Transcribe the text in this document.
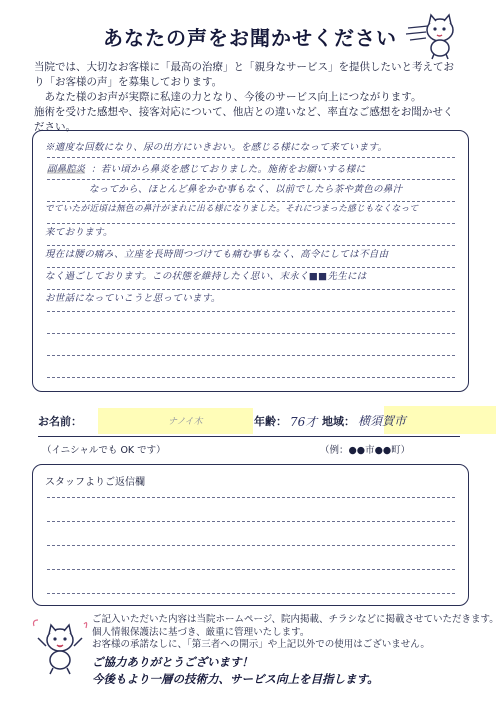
あなたの声をお聞かせください

当院では、大切なお客様に「最高の治療」と「親身なサービス」を提供したいと考えてお

り「お客様の声」を募集しております。

　あなた様のお声が実際に私達の力となり、今後のサービス向上につながります。

施術を受けた感想や、接客対応について、他店との違いなど、率直なご感想をお聞かせく

ださい。

※適度な回数になり、尿の出方にいきおい。を感じる様になって来ています。
副鼻腔炎 ：若い頃から鼻炎を感じておりました。施術をお願いする様に
なってから、ほとんど鼻をかむ事もなく、以前でしたら茶や黄色の鼻汁
でていたが近頃は無色の鼻汁がまれに出る様になりました。それにつまった感じもなくなって
来ております。
現在は腰の痛み、立座を長時間つづけても痛む事もなく、高令にしては不自由
なく過ごしております。この状態を維持したく思い、末永く■■先生には
お世話になっていこうと思っています。
お名前：	　　ナノイ木	年齢： 76才 地域： 横須賀市
（イニシャルでも OK です）	（例：●●市●●町）
スタッフよりご返信欄

ご記入いただいた内容は当院ホームページ、院内掲載、チラシなどに掲載させていただきます。

個人情報保護法に基づき、厳重に管理いたします。

お客様の承諾なしに、「第三者への開示」や上記以外での使用はございません。

ご協力ありがとうございます！

今後もより一層の技術力、サービス向上を目指します。
